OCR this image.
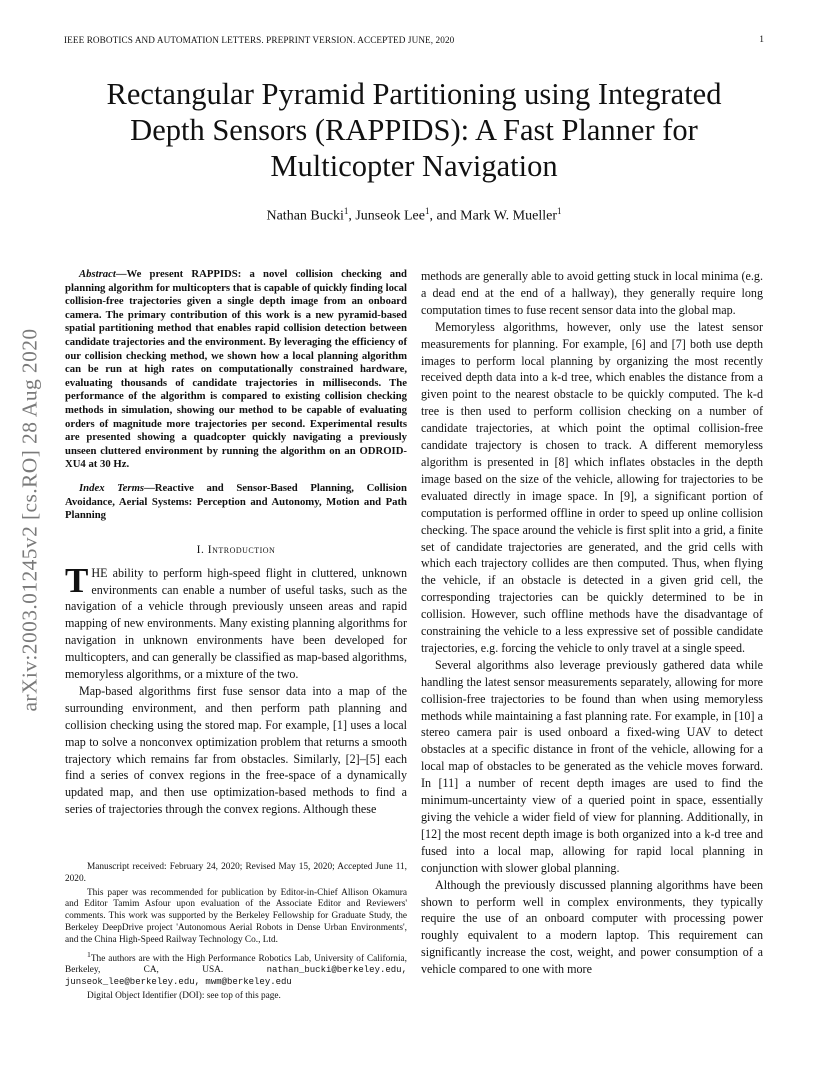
IEEE ROBOTICS AND AUTOMATION LETTERS. PREPRINT VERSION. ACCEPTED JUNE, 2020	1
Rectangular Pyramid Partitioning using Integrated
Depth Sensors (RAPPIDS): A Fast Planner for
Multicopter Navigation
Nathan Bucki$^1$, Junseok Lee$^1$, and Mark W. Mueller$^1$
arXiv:2003.01245v2 [cs.RO] 28 Aug 2020

Abstract—We present RAPPIDS: a novel collision checking and planning algorithm for multicopters that is capable of quickly finding local collision-free trajectories given a single depth image from an onboard camera. The primary contribution of this work is a new pyramid-based spatial partitioning method that enables rapid collision detection between candidate trajectories and the environment. By leveraging the efficiency of our collision checking method, we shown how a local planning algorithm can be run at high rates on computationally constrained hardware, evaluating thousands of candidate trajectories in milliseconds. The performance of the algorithm is compared to existing collision checking methods in simulation, showing our method to be capable of evaluating orders of magnitude more trajectories per second. Experimental results are presented showing a quadcopter quickly navigating a previously unseen cluttered environment by running the algorithm on an ODROID-XU4 at 30 Hz.

Index Terms—Reactive and Sensor-Based Planning, Collision Avoidance, Aerial Systems: Perception and Autonomy, Motion and Path Planning

I. Introduction

THE ability to perform high-speed flight in cluttered, unknown environments can enable a number of useful tasks, such as the navigation of a vehicle through previously unseen areas and rapid mapping of new environments. Many existing planning algorithms for navigation in unknown environments have been developed for multicopters, and can generally be classified as map-based algorithms, memoryless algorithms, or a mixture of the two.

Map-based algorithms first fuse sensor data into a map of the surrounding environment, and then perform path planning and collision checking using the stored map. For example, [1] uses a local map to solve a nonconvex optimization problem that returns a smooth trajectory which remains far from obstacles. Similarly, [2]–[5] each find a series of convex regions in the free-space of a dynamically updated map, and then use optimization-based methods to find a series of trajectories through the convex regions. Although these

Manuscript received: February 24, 2020; Revised May 15, 2020; Accepted June 11, 2020.

This paper was recommended for publication by Editor-in-Chief Allison Okamura and Editor Tamim Asfour upon evaluation of the Associate Editor and Reviewers' comments. This work was supported by the Berkeley Fellowship for Graduate Study, the Berkeley DeepDrive project 'Autonomous Aerial Robots in Dense Urban Environments', and the China High-Speed Railway Technology Co., Ltd.

$^1$The authors are with the High Performance Robotics Lab, University of California, Berkeley, CA, USA. nathan_bucki@berkeley.edu, junseok_lee@berkeley.edu, mwm@berkeley.edu

Digital Object Identifier (DOI): see top of this page.

methods are generally able to avoid getting stuck in local minima (e.g. a dead end at the end of a hallway), they generally require long computation times to fuse recent sensor data into the global map.

Memoryless algorithms, however, only use the latest sensor measurements for planning. For example, [6] and [7] both use depth images to perform local planning by organizing the most recently received depth data into a k-d tree, which enables the distance from a given point to the nearest obstacle to be quickly computed. The k-d tree is then used to perform collision checking on a number of candidate trajectories, at which point the optimal collision-free candidate trajectory is chosen to track. A different memoryless algorithm is presented in [8] which inflates obstacles in the depth image based on the size of the vehicle, allowing for trajectories to be evaluated directly in image space. In [9], a significant portion of computation is performed offline in order to speed up online collision checking. The space around the vehicle is first split into a grid, a finite set of candidate trajectories are generated, and the grid cells with which each trajectory collides are then computed. Thus, when flying the vehicle, if an obstacle is detected in a given grid cell, the corresponding trajectories can be quickly determined to be in collision. However, such offline methods have the disadvantage of constraining the vehicle to a less expressive set of possible candidate trajectories, e.g. forcing the vehicle to only travel at a single speed.

Several algorithms also leverage previously gathered data while handling the latest sensor measurements separately, allowing for more collision-free trajectories to be found than when using memoryless methods while maintaining a fast planning rate. For example, in [10] a stereo camera pair is used onboard a fixed-wing UAV to detect obstacles at a specific distance in front of the vehicle, allowing for a local map of obstacles to be generated as the vehicle moves forward. In [11] a number of recent depth images are used to find the minimum-uncertainty view of a queried point in space, essentially giving the vehicle a wider field of view for planning. Additionally, in [12] the most recent depth image is both organized into a k-d tree and fused into a local map, allowing for rapid local planning in conjunction with slower global planning.

Although the previously discussed planning algorithms have been shown to perform well in complex environments, they typically require the use of an onboard computer with processing power roughly equivalent to a modern laptop. This requirement can significantly increase the cost, weight, and power consumption of a vehicle compared to one with more
